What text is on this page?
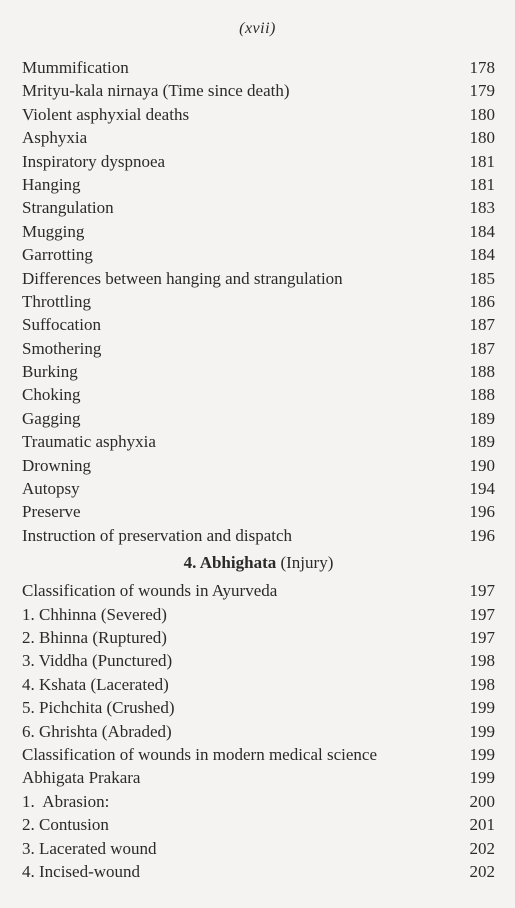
(xvii)
Mummification	178
Mrityu-kala nirnaya (Time since death)	179
Violent asphyxial deaths	180
Asphyxia	180
Inspiratory dyspnoea	181
Hanging	181
Strangulation	183
Mugging	184
Garrotting	184
Differences between hanging and strangulation	185
Throttling	186
Suffocation	187
Smothering	187
Burking	188
Choking	188
Gagging	189
Traumatic asphyxia	189
Drowning	190
Autopsy	194
Preserve	196
Instruction of preservation and dispatch	196
4. Abhighata (Injury)
Classification of wounds in Ayurveda	197
1. Chhinna (Severed)	197
2. Bhinna (Ruptured)	197
3. Viddha (Punctured)	198
4. Kshata (Lacerated)	198
5. Pichchita (Crushed)	199
6. Ghrishta (Abraded)	199
Classification of wounds in modern medical science	199
Abhigata Prakara	199
1.  Abrasion:	200
2. Contusion	201
3. Lacerated wound	202
4. Incised-wound	202
